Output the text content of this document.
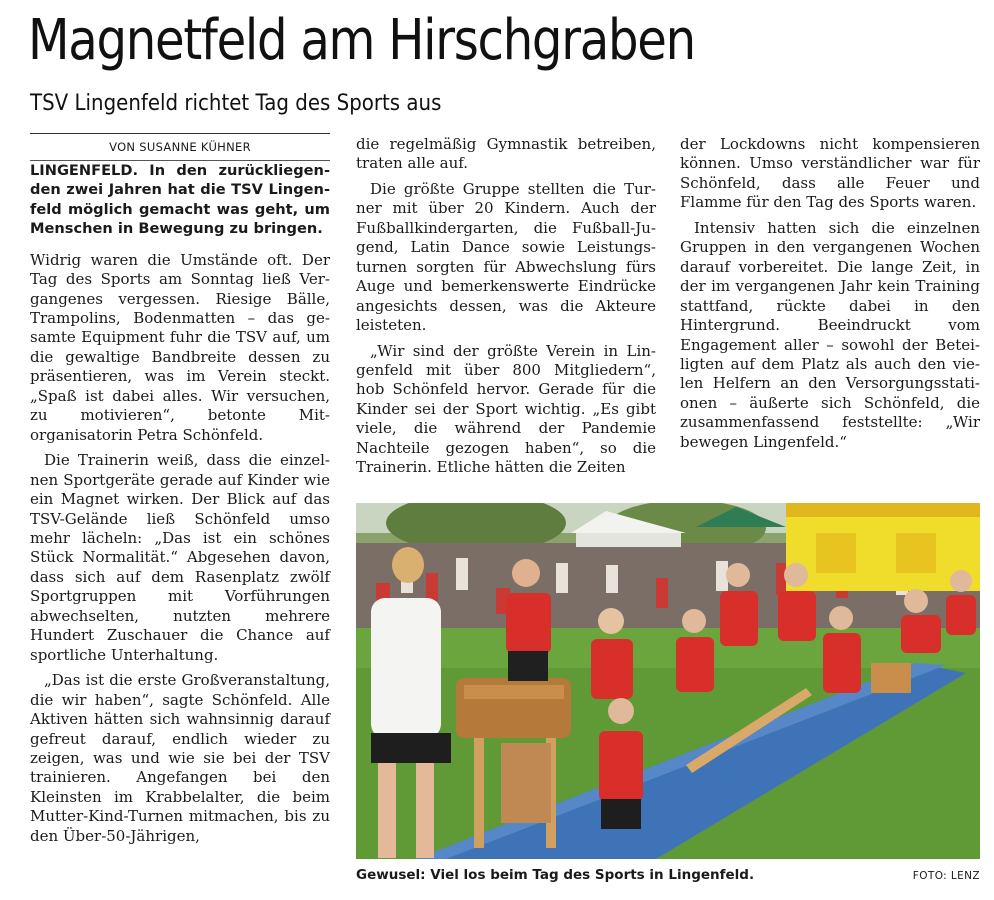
Magnetfeld am Hirschgraben
TSV Lingenfeld richtet Tag des Sports aus

VON SUSANNE KÜHNER

LINGENFELD. In den zurückliegenden zwei Jahren hat die TSV Lingenfeld möglich gemacht was geht, um Menschen in Bewegung zu bringen.

Widrig waren die Umstände oft. Der Tag des Sports am Sonntag ließ Vergangenes vergessen. Riesige Bälle, Trampolins, Bodenmatten – das gesamte Equipment fuhr die TSV auf, um die gewaltige Bandbreite dessen zu präsentieren, was im Verein steckt. „Spaß ist dabei alles. Wir versuchen, zu motivieren“, betonte Mitorganisatorin Petra Schönfeld.

Die Trainerin weiß, dass die einzelnen Sportgeräte gerade auf Kinder wie ein Magnet wirken. Der Blick auf das TSV-Gelände ließ Schönfeld umso mehr lächeln: „Das ist ein schönes Stück Normalität.“ Abgesehen davon, dass sich auf dem Rasenplatz zwölf Sportgruppen mit Vorführungen abwechselten, nutzten mehrere Hundert Zuschauer die Chance auf sportliche Unterhaltung.

„Das ist die erste Großveranstaltung, die wir haben“, sagte Schönfeld. Alle Aktiven hätten sich wahnsinnig darauf gefreut darauf, endlich wieder zu zeigen, was und wie sie bei der TSV trainieren. Angefangen bei den Kleinsten im Krabbelalter, die beim Mutter-Kind-Turnen mitmachen, bis zu den Über-50-Jährigen,

die regelmäßig Gymnastik betreiben, traten alle auf.

Die größte Gruppe stellten die Turner mit über 20 Kindern. Auch der Fußballkindergarten, die Fußball-Jugend, Latin Dance sowie Leistungsturnen sorgten für Abwechslung fürs Auge und bemerkenswerte Eindrücke angesichts dessen, was die Akteure leisteten.

„Wir sind der größte Verein in Lingenfeld mit über 800 Mitgliedern“, hob Schönfeld hervor. Gerade für die Kinder sei der Sport wichtig. „Es gibt viele, die während der Pandemie Nachteile gezogen haben“, so die Trainerin. Etliche hätten die Zeiten

der Lockdowns nicht kompensieren können. Umso verständlicher war für Schönfeld, dass alle Feuer und Flamme für den Tag des Sports waren.

Intensiv hatten sich die einzelnen Gruppen in den vergangenen Wochen darauf vorbereitet. Die lange Zeit, in der im vergangenen Jahr kein Training stattfand, rückte dabei in den Hintergrund. Beeindruckt vom Engagement aller – sowohl der Beteiligten auf dem Platz als auch den vielen Helfern an den Versorgungsstationen – äußerte sich Schönfeld, die zusammenfassend feststellte: „Wir bewegen Lingenfeld.“

Gewusel: Viel los beim Tag des Sports in Lingenfeld.	FOTO: LENZ
